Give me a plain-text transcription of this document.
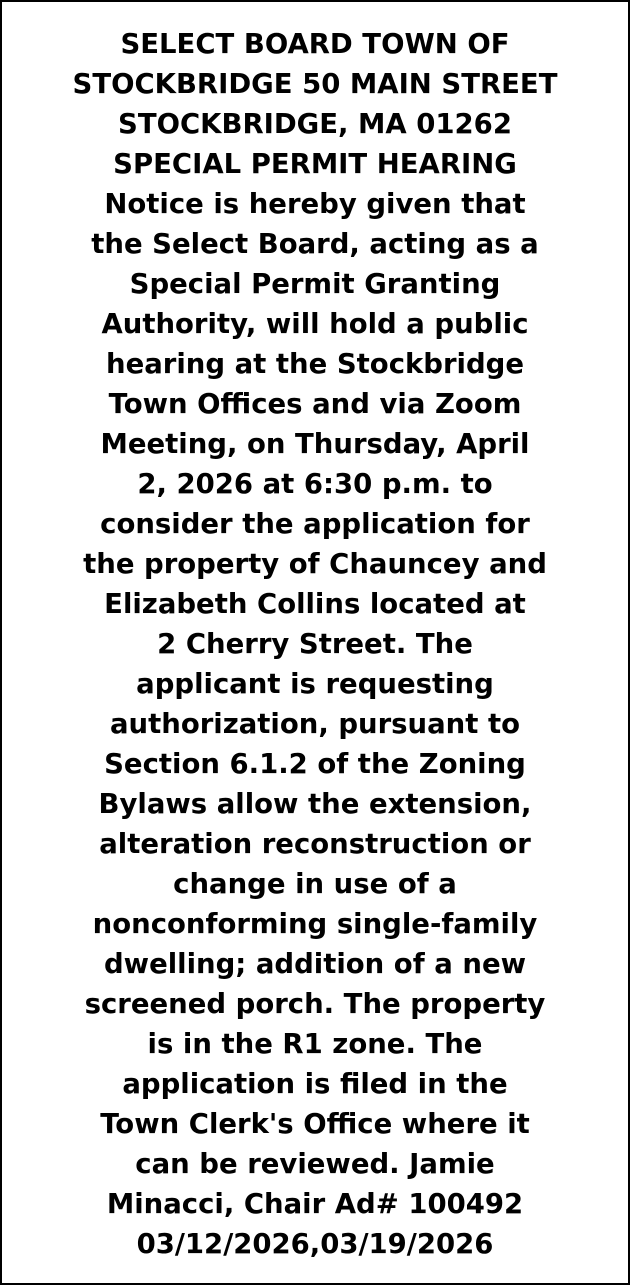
SELECT BOARD TOWN OF
STOCKBRIDGE 50 MAIN STREET
STOCKBRIDGE, MA 01262
SPECIAL PERMIT HEARING
Notice is hereby given that
the Select Board, acting as a
Special Permit Granting
Authority, will hold a public
hearing at the Stockbridge
Town Offices and via Zoom
Meeting, on Thursday, April
2, 2026 at 6:30 p.m. to
consider the application for
the property of Chauncey and
Elizabeth Collins located at
2 Cherry Street. The
applicant is requesting
authorization, pursuant to
Section 6.1.2 of the Zoning
Bylaws allow the extension,
alteration reconstruction or
change in use of a
nonconforming single-family
dwelling; addition of a new
screened porch. The property
is in the R1 zone. The
application is filed in the
Town Clerk's Office where it
can be reviewed. Jamie
Minacci, Chair Ad# 100492
03/12/2026,03/19/2026
